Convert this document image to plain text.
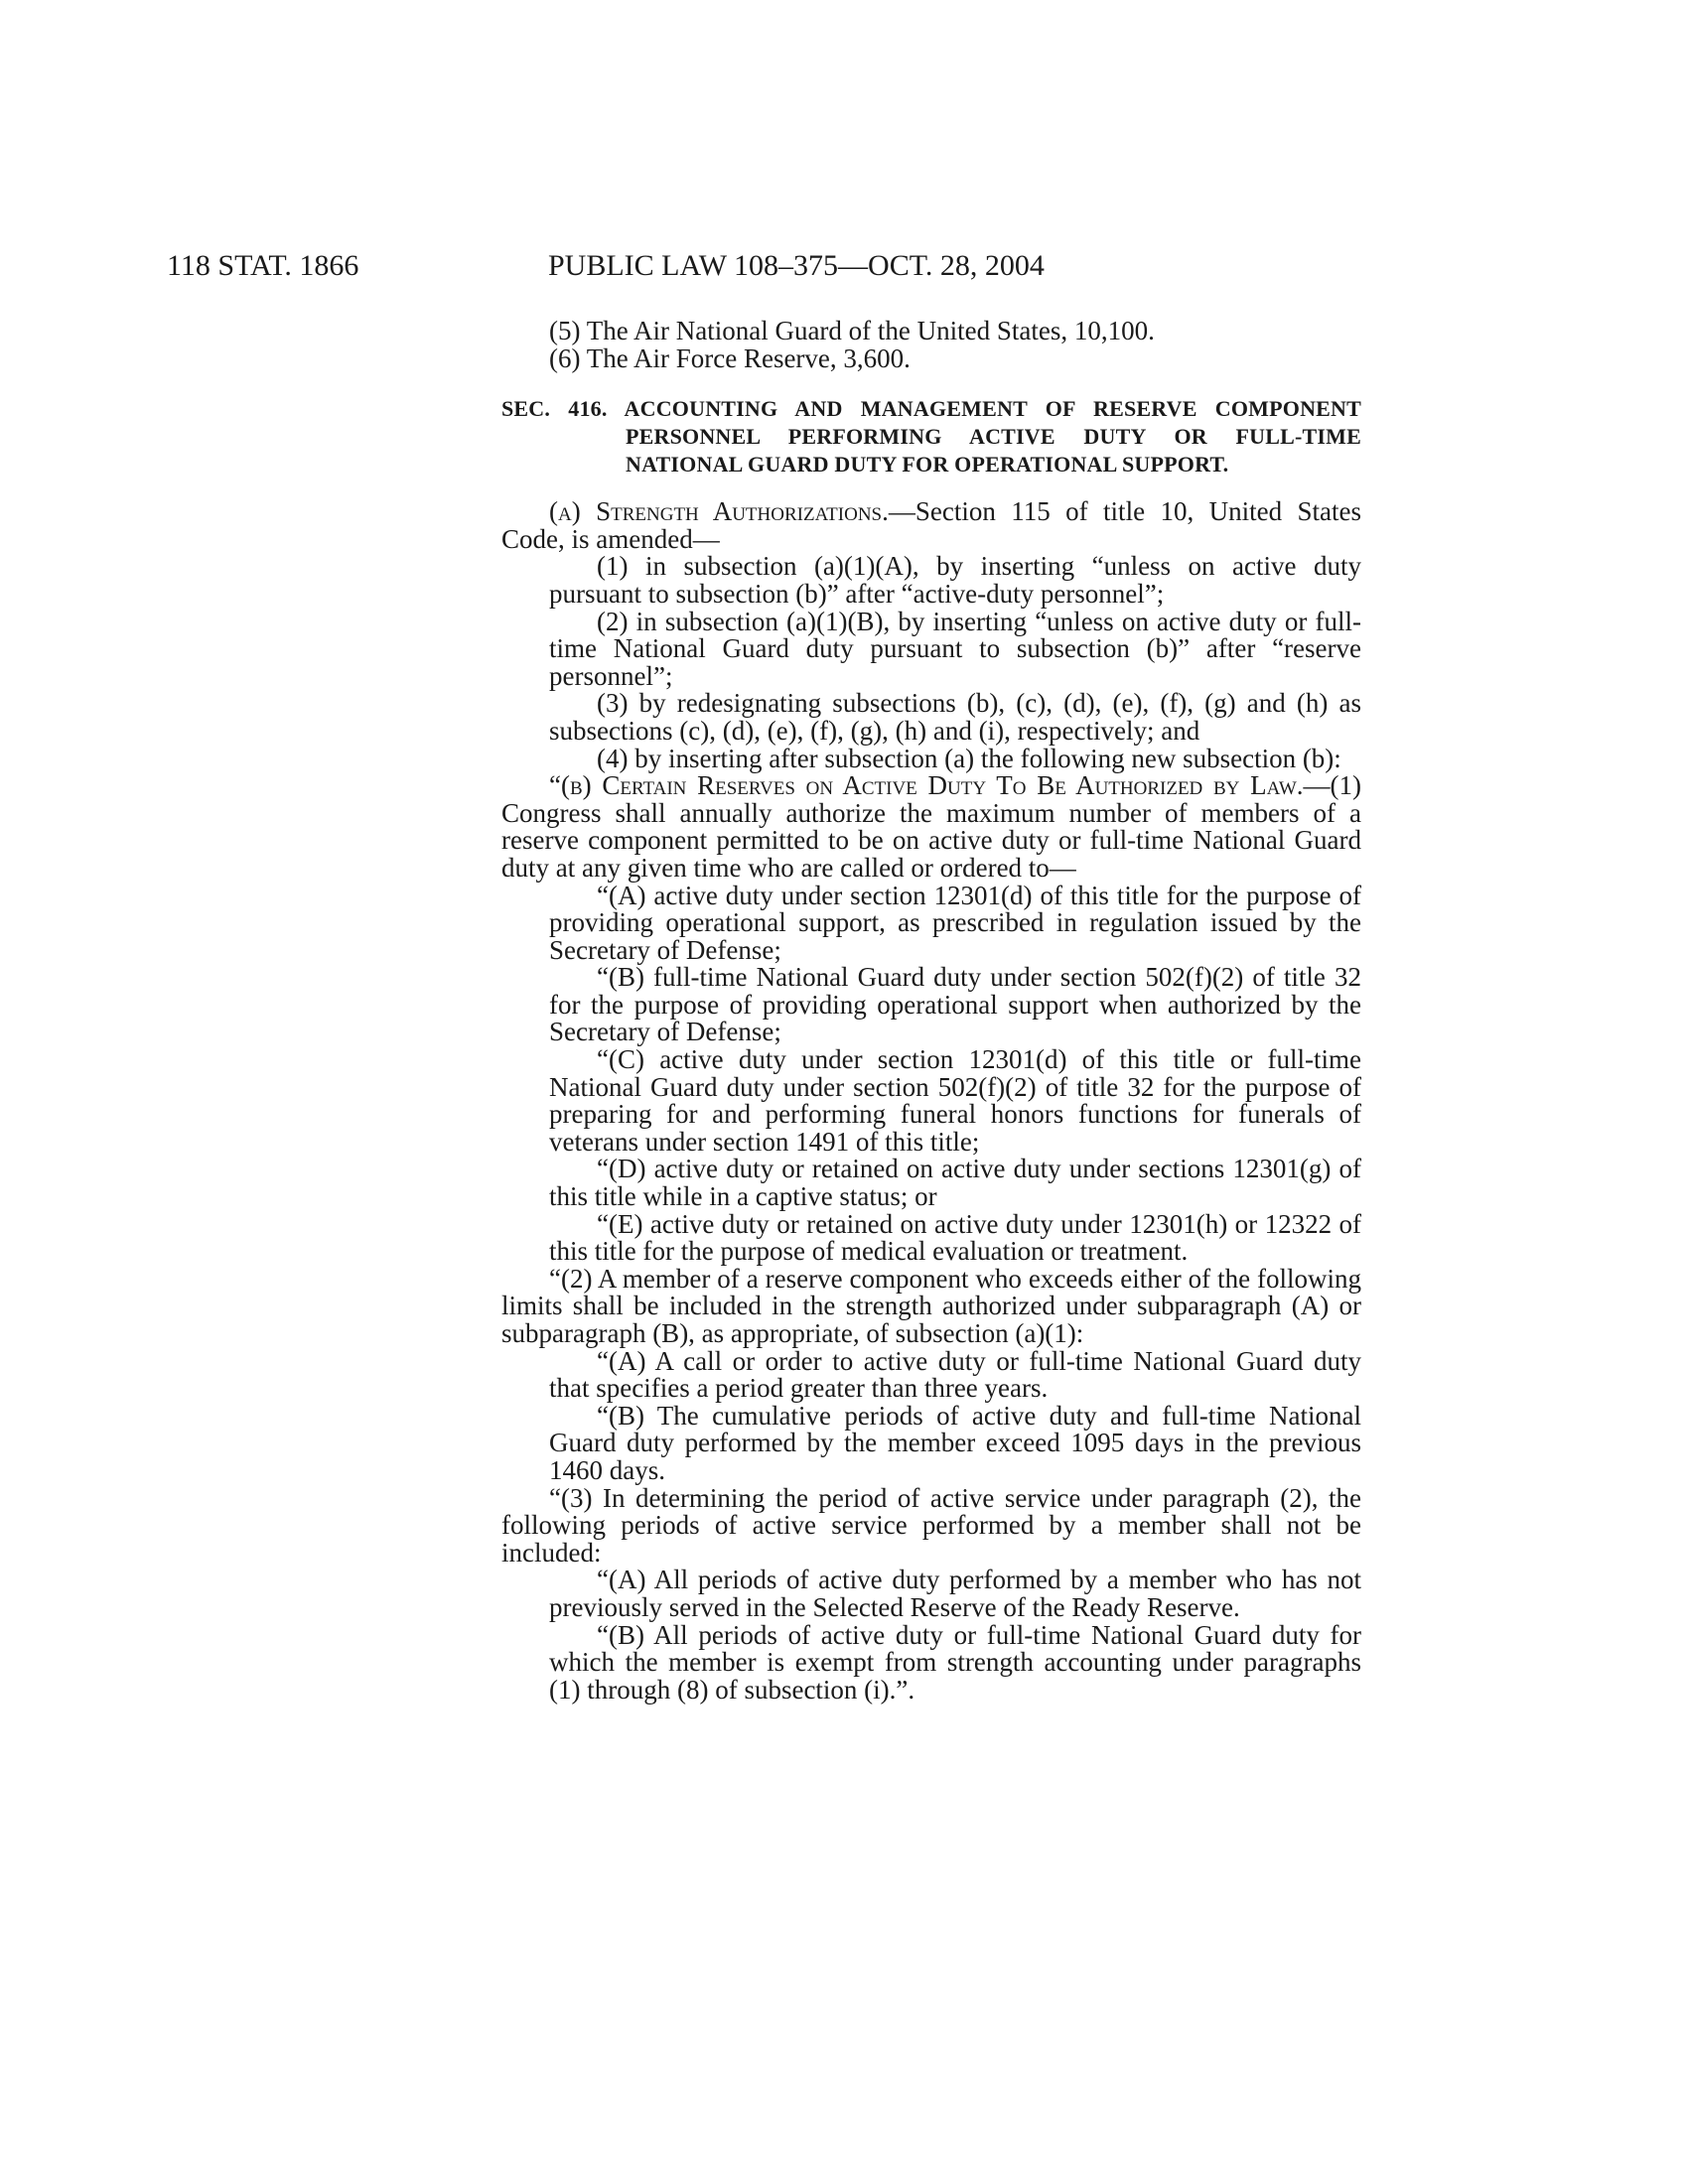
118 STAT. 1866	PUBLIC LAW 108–375—OCT. 28, 2004

(5) The Air National Guard of the United States, 10,100.

(6) The Air Force Reserve, 3,600.

SEC. 416. ACCOUNTING AND MANAGEMENT OF RESERVE COMPONENT PERSONNEL PERFORMING ACTIVE DUTY OR FULL-TIME NATIONAL GUARD DUTY FOR OPERATIONAL SUPPORT.

(a) Strength Authorizations.—Section 115 of title 10, United States Code, is amended—

(1) in subsection (a)(1)(A), by inserting “unless on active duty pursuant to subsection (b)” after “active-duty personnel”;

(2) in subsection (a)(1)(B), by inserting “unless on active duty or full-time National Guard duty pursuant to subsection (b)” after “reserve personnel”;

(3) by redesignating subsections (b), (c), (d), (e), (f), (g) and (h) as subsections (c), (d), (e), (f), (g), (h) and (i), respectively; and

(4) by inserting after subsection (a) the following new subsection (b):

“(b) Certain Reserves on Active Duty To Be Authorized by Law.—(1) Congress shall annually authorize the maximum number of members of a reserve component permitted to be on active duty or full-time National Guard duty at any given time who are called or ordered to—

“(A) active duty under section 12301(d) of this title for the purpose of providing operational support, as prescribed in regulation issued by the Secretary of Defense;

“(B) full-time National Guard duty under section 502(f)(2) of title 32 for the purpose of providing operational support when authorized by the Secretary of Defense;

“(C) active duty under section 12301(d) of this title or full-time National Guard duty under section 502(f)(2) of title 32 for the purpose of preparing for and performing funeral honors functions for funerals of veterans under section 1491 of this title;

“(D) active duty or retained on active duty under sections 12301(g) of this title while in a captive status; or

“(E) active duty or retained on active duty under 12301(h) or 12322 of this title for the purpose of medical evaluation or treatment.

“(2) A member of a reserve component who exceeds either of the following limits shall be included in the strength authorized under subparagraph (A) or subparagraph (B), as appropriate, of subsection (a)(1):

“(A) A call or order to active duty or full-time National Guard duty that specifies a period greater than three years.

“(B) The cumulative periods of active duty and full-time National Guard duty performed by the member exceed 1095 days in the previous 1460 days.

“(3) In determining the period of active service under paragraph (2), the following periods of active service performed by a member shall not be included:

“(A) All periods of active duty performed by a member who has not previously served in the Selected Reserve of the Ready Reserve.

“(B) All periods of active duty or full-time National Guard duty for which the member is exempt from strength accounting under paragraphs (1) through (8) of subsection (i).”.
